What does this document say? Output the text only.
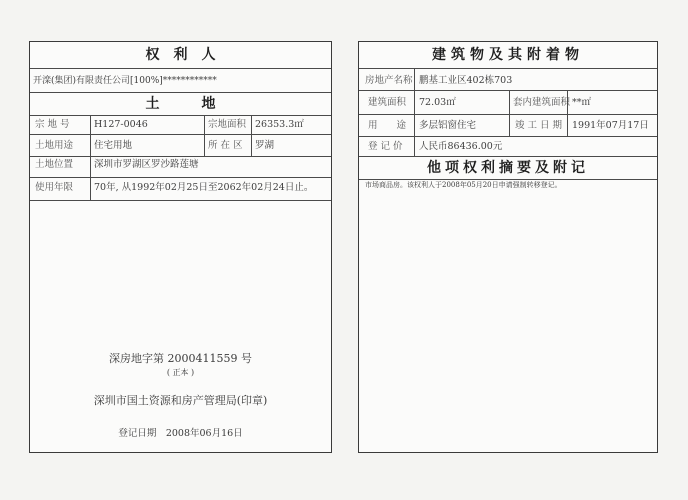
权　利　人
开滦(集团)有限责任公司[100%]************
土　　　地
宗 地 号	H127-0046	宗地面积 26353.3㎡
土地用途 住宅用地	所 在 区 罗湖
土地位置 深圳市罗湖区罗沙路莲塘
使用年限 70年, 从1992年02月25日至2062年02月24日止。
深房地字第 2000411559 号
( 正本 )
深圳市国土资源和房产管理局(印章)
登记日期　2008年06月16日
建筑物及其附着物
房地产名称 鹏基工业区402栋703
建筑面积 72.03㎡	套内建筑面积 **㎡
用　　途 多层铝窗住宅	竣 工 日 期 1991年07月17日
登 记 价 人民币86436.00元
他项权利摘要及附记
市场商品房。该权利人于2008年05月20日申请强制转移登记。
